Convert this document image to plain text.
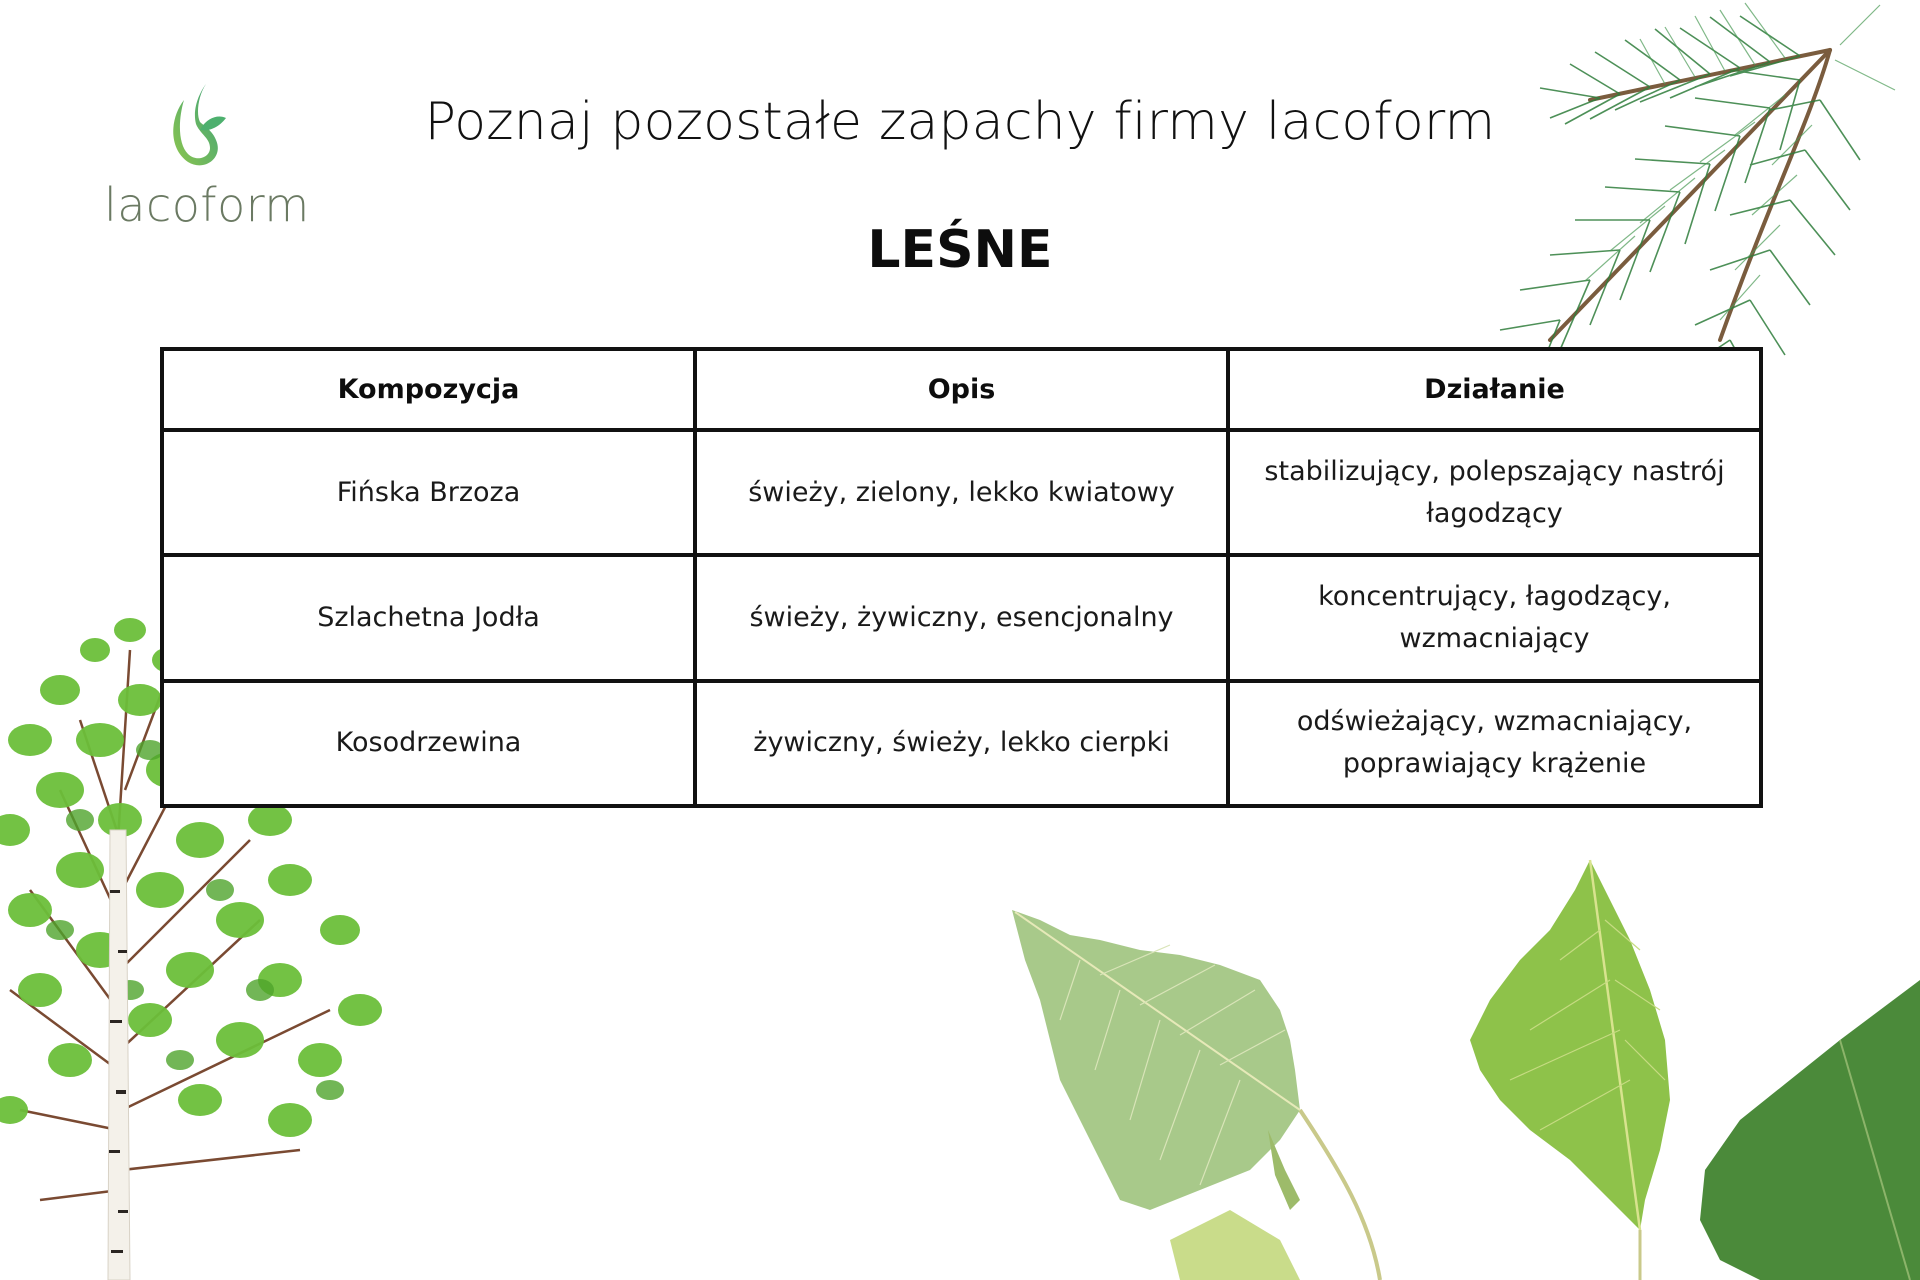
lacoform
Poznaj pozostałe zapachy firmy lacoform
LEŚNE
Kompozycja	Opis	Działanie
Fińska Brzoza	świeży, zielony, lekko kwiatowy	stabilizujący, polepszający nastrój łagodzący
Szlachetna Jodła	świeży, żywiczny, esencjonalny	koncentrujący, łagodzący, wzmacniający
Kosodrzewina	żywiczny, świeży, lekko cierpki	odświeżający, wzmacniający, poprawiający krążenie
